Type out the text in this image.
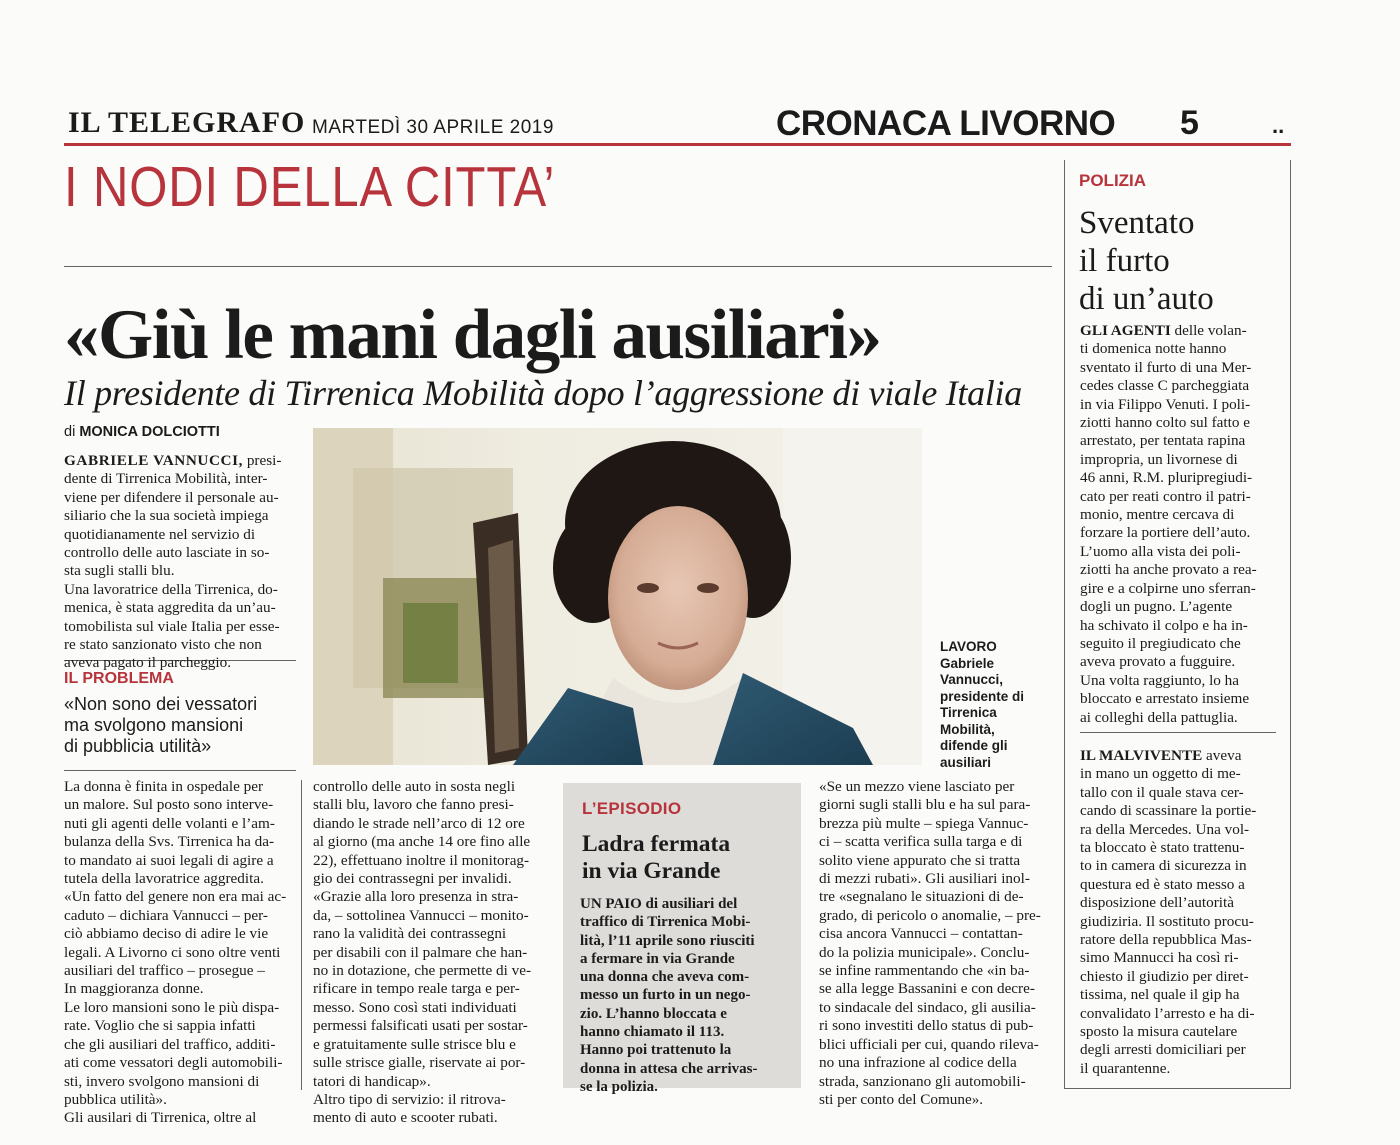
IL TELEGRAFO MARTEDÌ 30 APRILE 2019	CRONACA LIVORNO 5	..
I NODI DELLA CITTA’
«Giù le mani dagli ausiliari»
Il presidente di Tirrenica Mobilità dopo l’aggressione di viale Italia
di MONICA DOLCIOTTI
GABRIELE VANNUCCI, presi-
dente di Tirrenica Mobilità, inter-
viene per difendere il personale au-
siliario che la sua società impiega
quotidianamente nel servizio di
controllo delle auto lasciate in so-
sta sugli stalli blu.
Una lavoratrice della Tirrenica, do-
menica, è stata aggredita da un’au-
tomobilista sul viale Italia per esse-
re stato sanzionato visto che non
aveva pagato il parcheggio.
IL PROBLEMA
«Non sono dei vessatori
ma svolgono mansioni
di pubblicia utilità»
LAVORO
Gabriele
Vannucci,
presidente di
Tirrenica
Mobilità,
difende gli
ausiliari
La donna è finita in ospedale per
un malore. Sul posto sono interve-
nuti gli agenti delle volanti e l’am-
bulanza della Svs. Tirrenica ha da-
to mandato ai suoi legali di agire a
tutela della lavoratrice aggredita.
«Un fatto del genere non era mai ac-
caduto – dichiara Vannucci – per-
ciò abbiamo deciso di adire le vie
legali. A Livorno ci sono oltre venti
ausiliari del traffico – prosegue –
In maggioranza donne.
Le loro mansioni sono le più dispa-
rate. Voglio che si sappia infatti
che gli ausiliari del traffico, additi-
ati come vessatori degli automobili-
sti, invero svolgono mansioni di
pubblica utilità».
Gli ausilari di Tirrenica, oltre al
controllo delle auto in sosta negli
stalli blu, lavoro che fanno presi-
diando le strade nell’arco di 12 ore
al giorno (ma anche 14 ore fino alle
22), effettuano inoltre il monitorag-
gio dei contrassegni per invalidi.
«Grazie alla loro presenza in stra-
da, – sottolinea Vannucci – monito-
rano la validità dei contrassegni
per disabili con il palmare che han-
no in dotazione, che permette di ve-
rificare in tempo reale targa e per-
messo. Sono così stati individuati
permessi falsificati usati per sostar-
e gratuitamente sulle strisce blu e
sulle strisce gialle, riservate ai por-
tatori di handicap».
Altro tipo di servizio: il ritrova-
mento di auto e scooter rubati.
L’EPISODIO
Ladra fermata
in via Grande
UN PAIO di ausiliari del
traffico di Tirrenica Mobi-
lità, l’11 aprile sono riusciti
a fermare in via Grande
una donna che aveva com-
messo un furto in un nego-
zio. L’hanno bloccata e
hanno chiamato il 113.
Hanno poi trattenuto la
donna in attesa che arrivas-
se la polizia.
«Se un mezzo viene lasciato per
giorni sugli stalli blu e ha sul para-
brezza più multe – spiega Vannuc-
ci – scatta verifica sulla targa e di
solito viene appurato che si tratta
di mezzi rubati». Gli ausiliari inol-
tre «segnalano le situazioni di de-
grado, di pericolo o anomalie, – pre-
cisa ancora Vannucci – contattan-
do la polizia municipale». Conclu-
se infine rammentando che «in ba-
se alla legge Bassanini e con decre-
to sindacale del sindaco, gli ausilia-
ri sono investiti dello status di pub-
blici ufficiali per cui, quando rileva-
no una infrazione al codice della
strada, sanzionano gli automobili-
sti per conto del Comune».
POLIZIA
Sventato
il furto
di un’auto
GLI AGENTI delle volan-
ti domenica notte hanno
sventato il furto di una Mer-
cedes classe C parcheggiata
in via Filippo Venuti. I poli-
ziotti hanno colto sul fatto e
arrestato, per tentata rapina
impropria, un livornese di
46 anni, R.M. pluripregiudi-
cato per reati contro il patri-
monio, mentre cercava di
forzare la portiere dell’auto.
L’uomo alla vista dei poli-
ziotti ha anche provato a rea-
gire e a colpirne uno sferran-
dogli un pugno. L’agente
ha schivato il colpo e ha in-
seguito il pregiudicato che
aveva provato a fugguire.
Una volta raggiunto, lo ha
bloccato e arrestato insieme
ai colleghi della pattuglia.
IL MALVIVENTE aveva
in mano un oggetto di me-
tallo con il quale stava cer-
cando di scassinare la portie-
ra della Mercedes. Una vol-
ta bloccato è stato trattenu-
to in camera di sicurezza in
questura ed è stato messo a
disposizione dell’autorità
giudiziria. Il sostituto procu-
ratore della repubblica Mas-
simo Mannucci ha così ri-
chiesto il giudizio per diret-
tissima, nel quale il gip ha
convalidato l’arresto e ha di-
sposto la misura cautelare
degli arresti domiciliari per
il quarantenne.
